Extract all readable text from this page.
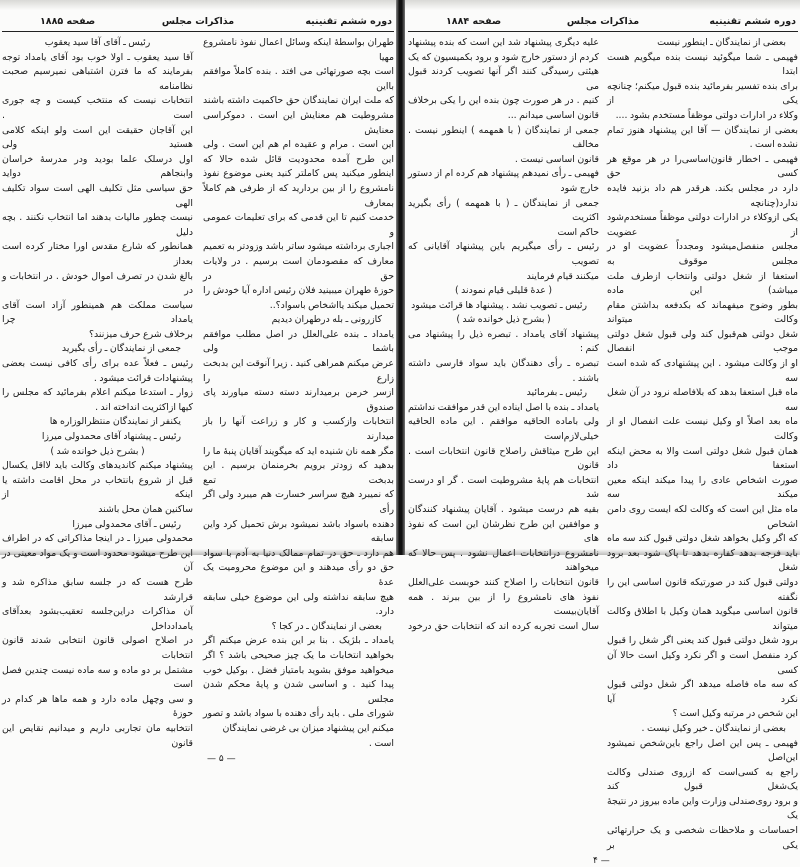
دوره ششم تقنینیه
مذاکرات مجلس
صفحه ۱۸۸۵
طهران بواسطهٔ اینکه وسائل اعمال نفوذ نامشروع مهیا
است بچه صورتهائی می افتد . بنده کاملاً موافقم بااین
که ملت ایران نمایندگان حق حاکمیت داشته باشند
مشروطیت هم معنایش این است . دموکراسی معنایش
این است . مرام و عقیده ام هم این است . ولی
این طرح آمده محدودیت قائل شده حالا که
اینطور میکنید پس کاملتر کنید یعنی موضوع نفوذ
نامشروع را از بین بردارید که از طرفی هم کاملاً بمعارف
خدمت کنیم تا این قدمی که برای تعلیمات عمومی و
اجباری برداشته میشود ساتر باشد وزودتر به تعمیم
معارف که مقصودمان است برسیم . در ولایات حق در
حوزهٔ طهران میبینید فلان رئیس اداره آیا خودش را
تحمیل میکند یااشخاص باسواد؟..
کازرونی ـ بله درطهران دیدیم
یامداد ـ بنده علی‌العلل در اصل مطلب موافقم باشما ولی
عرض میکنم همراهی کنید . زیرا آنوقت این بدبخت زارع را
ازسر خرمن برمیدارند دسته دسته میاورند پای صندوق
انتخابات وازکسب و کار و زراعت آنها را باز میدارند
مگر همه نان شنیده اید که میگویند آقایان پنبهٔ ما را
بدهید که زودتر برویم بخرمنمان برسیم . این بدبخت تمع
که نمیبرد هیچ سراسر خسارت هم میبرد ولی اگر رأی
دهنده باسواد باشد نمیشود برش تحمیل کرد واین سابقه
هم دارد ـ حق در تمام ممالک دنیا به آدم با سواد
حق دو رأی میدهند و این موضوع محرومیت یک عدهٔ
هیچ سابقه نداشته ولی این موضوع خیلی سابقه دارد.
بعضی از نمایندگان ـ در کجا ؟
یامداد ـ بلژیک . بنا بر این بنده عرض میکنم اگر
بخواهید انتخابات ما یک چیز صحیحی باشد ؟ اگر
میخواهید موفق بشوید بامتیاز فضل . بوکیل خوب
پیدا کنید . و اساسی شدن و پایهٔ محکم شدن مجلس
شورای ملی . باید رأی دهنده با سواد باشد و تصور
میکنم این پیشنهاد میزان بی غرضی نمایندگان است .
رئیس ـ آقای آقا سید یعقوب
آقا سید یعقوب ـ اولا خوب بود آقای یامداد توجه
بفرمایند که ما فترن اشتباهی نمیرسیم صحبت نظامنامه
انتخابات نیست که منتخب کیست و چه جوری است .
این آقاجان حقیقت این است ولو اینکه کلامی هستید ولی
اول درسلک علما بودید ودر مدرسهٔ خراسان وابنجاهم دواید
حق سیاسی مثل تکلیف الهی است سواد تکلیف الهی
نیست چطور مالیات بدهند اما انتخاب نکنند . بچه دلیل
همانطور که شارع مقدس اورا مختار کرده است بعداز
بالغ شدن در تصرف اموال خودش . در انتخابات و در
سیاست مملکت هم همینطور آزاد است آقای یامداد چرا
برخلاف شرع حرف میزنند؟
جمعی از نمایندگان ـ رأی بگیرید
رئیس ـ فعلاً عده برای رأی کافی نیست بعضی
پیشنهادات قرائت میشود .
زوار ـ استدعا میکنم اعلام بفرمائید که مجلس را
کیها ازاکثریت انداخته اند .
یکنفر از نمایندگان منتظرالوزاره ها
رئیس ـ پیشنهاد آقای محمدولی میرزا
( بشرح ذیل خوانده شد )
پیشنهاد میکنم کاندیدهای وکالت باید لااقل یکسال
قبل از شروع بانتخاب در محل اقامت داشته یا اینکه از
ساکنین همان محل باشند
رئیس ـ آقای محمدولی میرزا
محمدولی میرزا ـ در اینجا مذاکراتی که در اطراف
این طرح میشود محدود است و یک مواد معینی در آن
طرح هست که در جلسه سابق مذاکره شد و قرارشد
آن مذاکرات دراین‌جلسه تعقیب‌بشود بعدآقای یامدادداخل
در اصلاح اصولی قانون انتخابی شدند قانون انتخابات
مشتمل بر دو ماده و سه ماده نیست چندین فصل است
و سی وچهل ماده دارد و همه ماها هر کدام در حوزهٔ
انتخابیه مان تجاربی داریم و میدانیم نقایص این قانون
— ۵ —
دوره ششم تقنینیه
مذاکرات مجلس
صفحه ۱۸۸۴
بعضی از نمایندگان ـ اینطور نیست
فهیمی ـ شما میگوئید نیست بنده میگویم هست ابتدا
برای بنده تفسیر بفرمائید بنده قبول میکنم؛ چنانچه یکی از
وکلاء در ادارات دولتی موظفاً مستخدم بشود ....
بعضی از نمایندگان — آقا این پیشنهاد هنوز تمام
نشده است .
فهیمی ـ اخطار قانون‌اساسی‌را در هر موقع هر کسی حق
دارد در مجلس بکند. هرقدر هم داد بزنید فایده ندارد(چنانچه
یکی ازوکلاء در ادارات دولتی موظفاً مستخدم‌شود از عضویت
مجلس منفصل‌میشود ومجدداً عضویت او در مجلس موقوف به
استعفا از شغل دولتی وانتخاب ازطرف ملت میباشد) این ماده
بطور وضوح میفهماند که بکدفعه بداشتن مقام وکالت میتواند
شغل دولتی هم‌قبول کند ولی قبول شغل دولتی موجب انفصال
او از وکالت میشود . این پیشنهادی که شده است سه
ماه قبل استعفا بدهد که بلافاصله نرود در آن شغل سه
ماه بعد اصلاً او وکیل نیست علت انفصال او از وکالت
همان قبول شغل دولتی است والا به محض اینکه استعفا داد
صورت اشخاص عادی را پیدا میکند اینکه معین میکند سه
ماه مثل این است که وکالت لکه ایست روی دامن اشخاص
که اگر وکیل بخواهد شغل دولتی قبول کند سه ماه
باید فرجه بدهد کفاره بدهد تا پاک شود بعد برود شغل
دولتی قبول کند در صورتیکه قانون اساسی این را نگفته
قانون اساسی میگوید همان وکیل با اطلاق وکالت میتواند
برود شغل دولتی قبول کند یعنی اگر شغل را قبول
کرد منفصل است و اگر نکرد وکیل است حالا آن کسی
که سه ماه فاصله میدهد اگر شغل دولتی قبول نکرد آیا
این شخص در مرتبه وکیل است ؟
بعضی از نمایندگان ـ خیر وکیل نیست .
فهیمی ـ پس این اصل راجع باین‌شخص نمیشود این‌اصل
راجع به کسی‌است که ازروی صندلی وکالت یک‌شغل قبول کند
و برود روی‌صندلی وزارت واین ماده بیروز در نتیجهٔ یک
احساسات و ملاحظات شخصی و یک حرارتهائی یکی بر
علیه دیگری پیشنهاد شد این است که بنده پیشنهاد
کردم از دستور خارج شود و برود بکمیسیون که یک
هیئتی رسیدگی کنند اگر آنها تصویب کردند قبول می
کنیم . در هر صورت چون بنده این را یکی برخلاف
قانون اساسی میدانم ...
جمعی از نمایندگان ( با همهمه ) اینطور نیست . مخالف
قانون اساسی نیست .
فهیمی ـ رأی نمیدهم پیشنهاد هم کرده ام از دستور
خارج شود
جمعی از نمایندگان ـ ( با همهمه ) رأی بگیرید اکثریت
حاکم است
رئیس ـ رأی میگیریم باین پیشنهاد آقایانی که تصویب
میکنند قیام فرمایند
( عدهٔ قلیلی قیام نمودند )
رئیس ـ تصویب نشد . پیشنهاد ها قرائت میشود
( بشرح ذیل خوانده شد )
پیشنهاد آقای یامداد . تبصره ذیل را پیشنهاد می
کنم :
تبصره ـ رأی دهندگان باید سواد فارسی داشته
باشند .
رئیس ـ بفرمائید
یامداد ـ بنده با اصل ایناده این قدر موافقت نداشتم
ولی باماده الحاقیه موافقم . این ماده الحاقیه خیلی‌لازم‌است
این طرح میثاقش راصلاح قانون انتخابات است . قانون
انتخابات هم پایهٔ مشروطیت است . گر او درست شد
بقیه هم درست میشود . آقایان پیشنهاد کنندگان
و موافقین این طرح نظرشان این است که نفوذ های
نامشروع درانتخابات اعمال نشود . پس حالا که میخواهند
قانون انتخابات را اصلاح کنند خوبست علی‌العلل
نفوذ های نامشروع را از بین ببرند . همه آقایان‌بیست
سال است تجربه کرده اند که انتخابات حق درخود
— ۴
